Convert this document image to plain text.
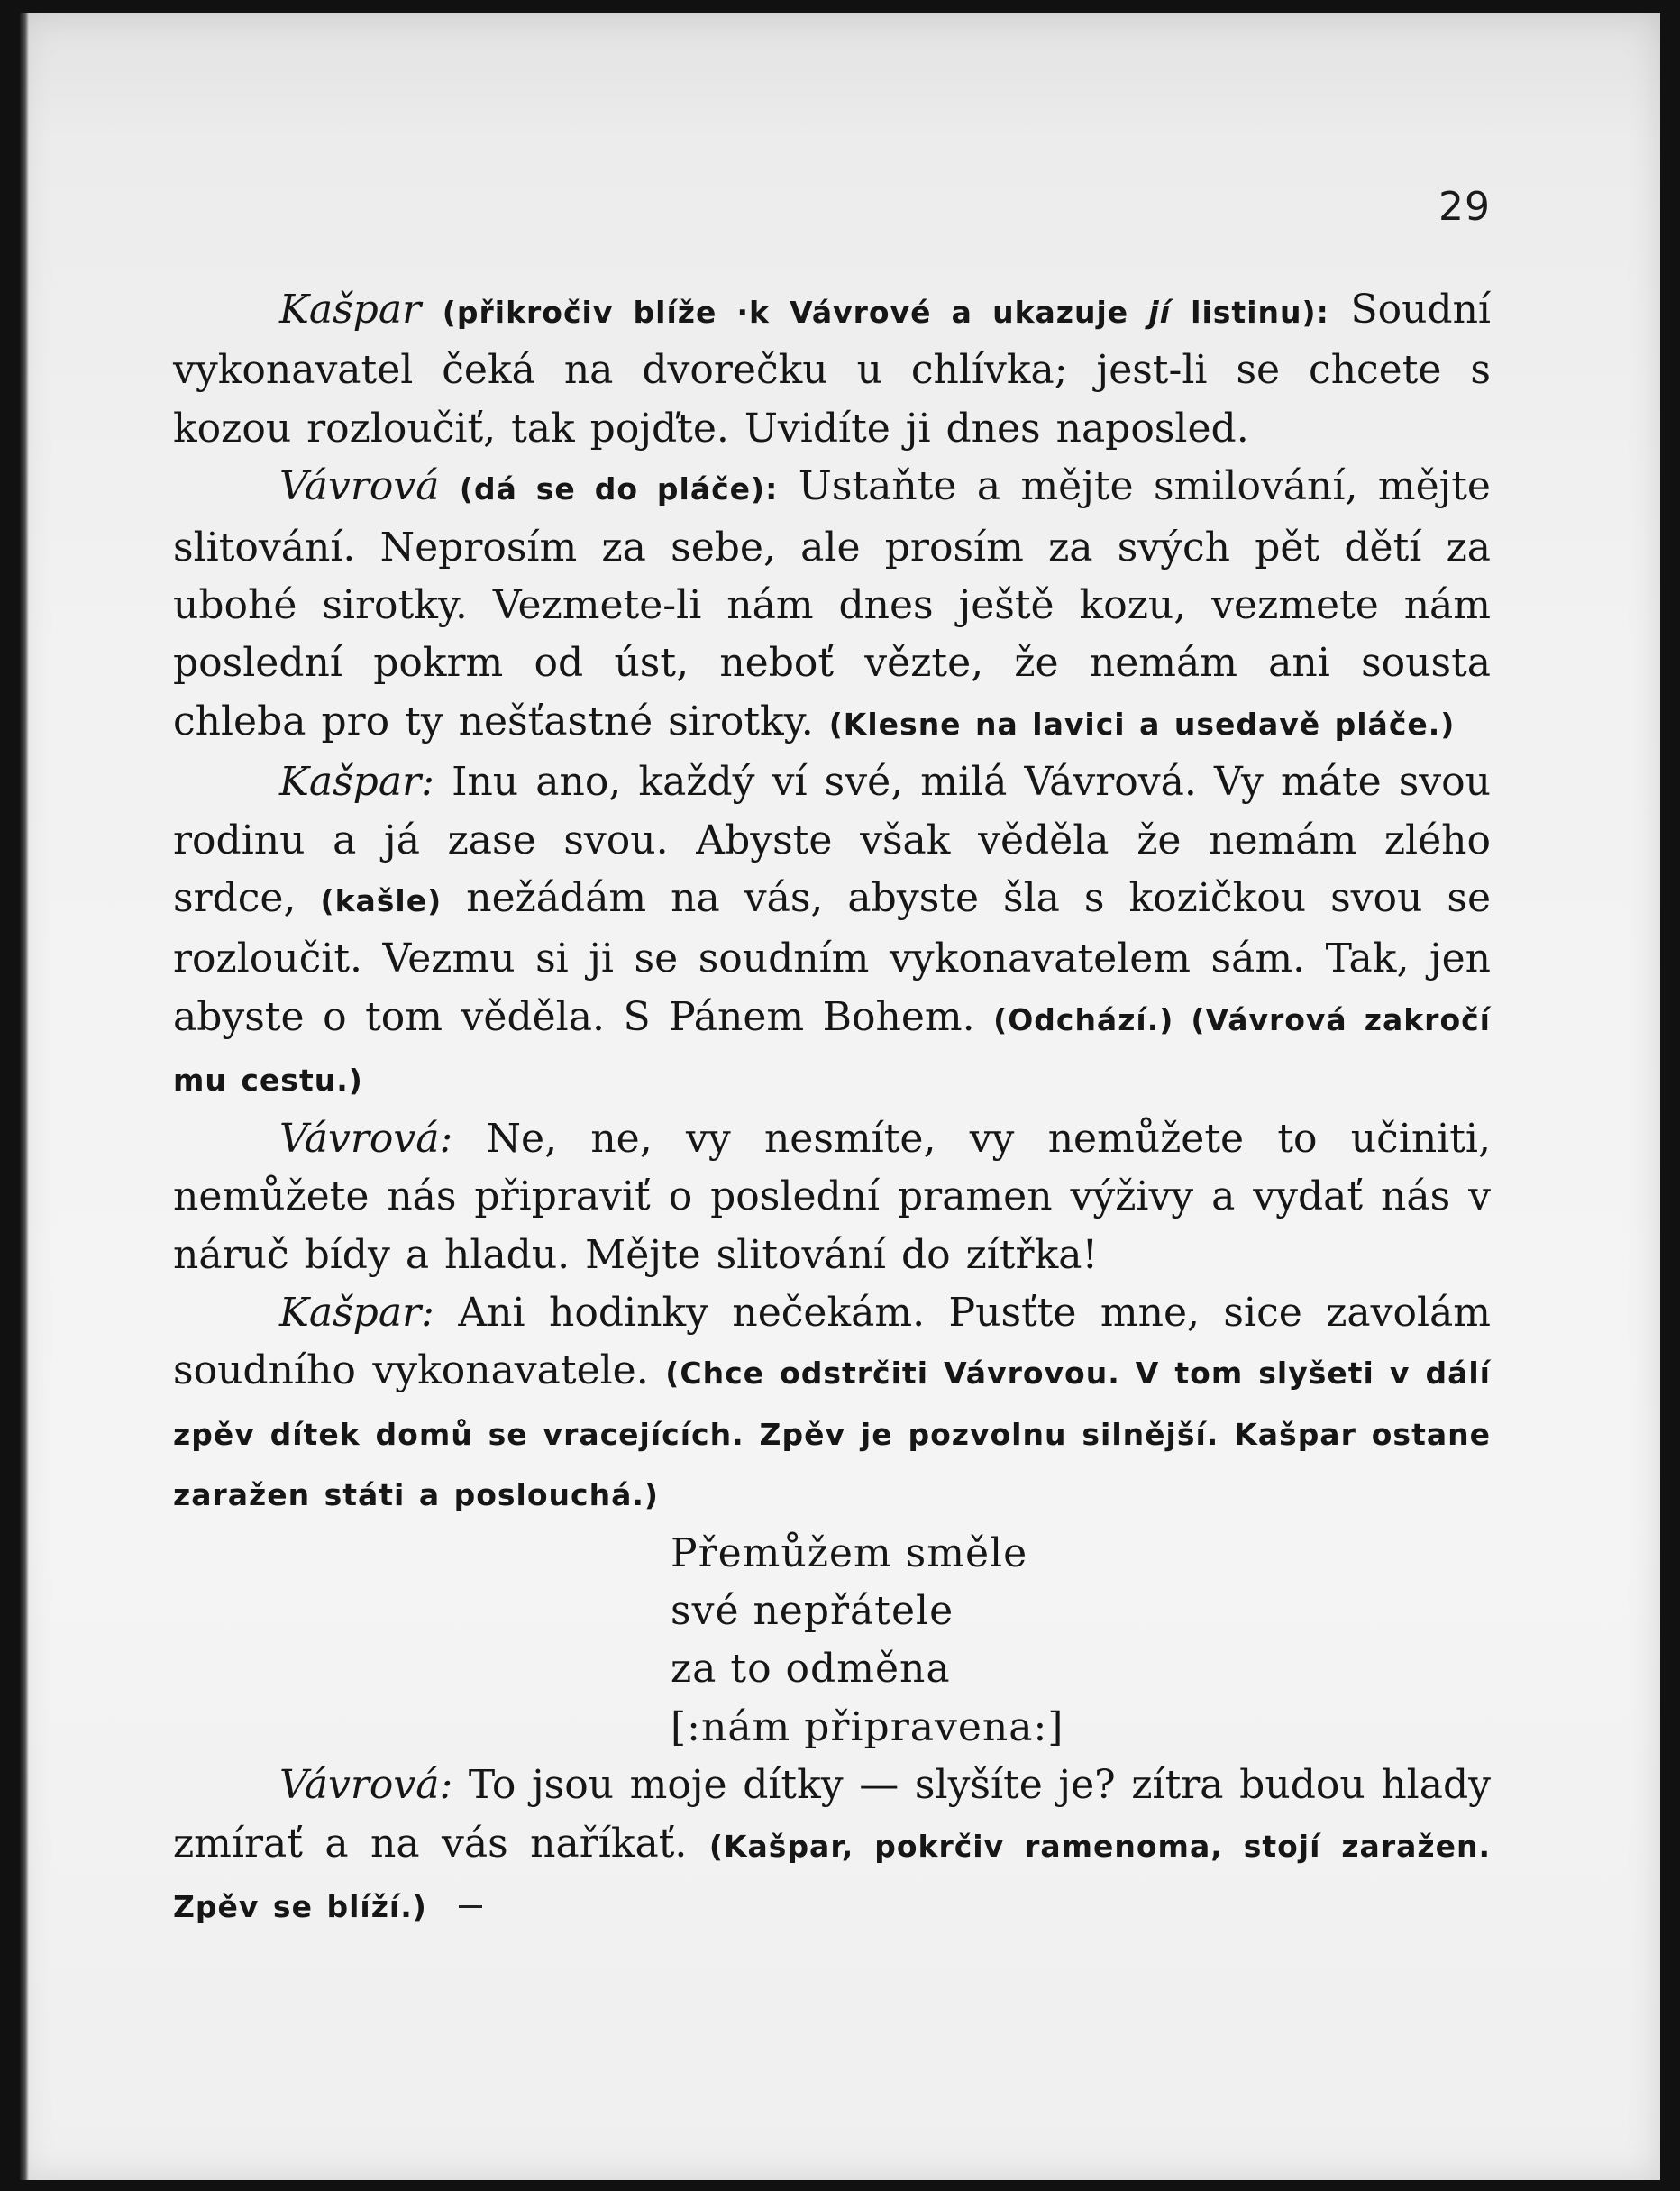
29

Kašpar (přikročiv blíže ·k Vávrové a ukazuje jí listinu): Soudní vykonavatel čeká na dvorečku u chlívka; jest-li se chcete s kozou rozloučiť, tak pojďte. Uvidíte ji dnes naposled.

Vávrová (dá se do pláče): Ustaňte a mějte smilování, mějte slitování. Neprosím za sebe, ale prosím za svých pět dětí za ubohé sirotky. Vezmete-li nám dnes ještě kozu, vezmete nám poslední pokrm od úst, neboť vězte, že nemám ani sousta chleba pro ty nešťastné sirotky. (Klesne na lavici a usedavě pláče.)

Kašpar: Inu ano, každý ví své, milá Vávrová. Vy máte svou rodinu a já zase svou. Abyste však věděla že nemám zlého srdce, (kašle) nežádám na vás, abyste šla s kozičkou svou se rozloučit. Vezmu si ji se soudním vykonavatelem sám. Tak, jen abyste o tom věděla. S Pánem Bohem. (Odchází.) (Vávrová zakročí mu cestu.)

Vávrová: Ne, ne, vy nesmíte, vy nemůžete to učiniti, nemůžete nás připraviť o poslední pramen výživy a vydať nás v náruč bídy a hladu. Mějte slitování do zítřka!

Kašpar: Ani hodinky nečekám. Pusťte mne, sice zavolám soudního vykonavatele. (Chce odstrčiti Vávrovou. V tom slyšeti v dálí zpěv dítek domů se vracejících. Zpěv je pozvolnu silnější. Kašpar ostane zaražen státi a poslouchá.)

Přemůžem směle
své nepřátele
za to odměna
[:nám připravena:]

Vávrová: To jsou moje dítky — slyšíte je? zítra budou hlady zmírať a na vás naříkať. (Kašpar, pokrčiv ramenoma, stojí zaražen. Zpěv se blíží.)
